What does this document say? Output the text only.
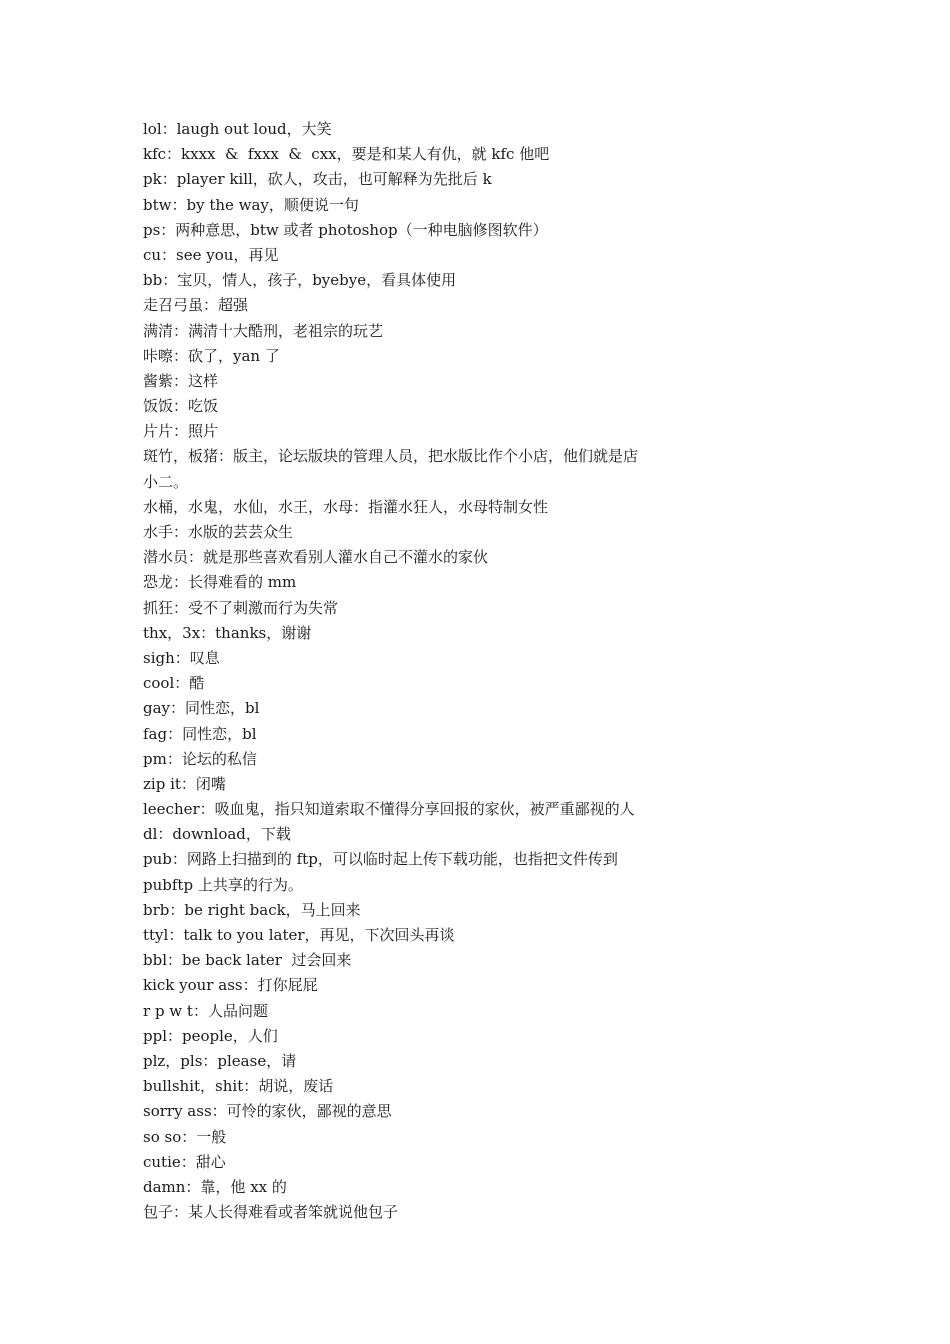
lol：laugh out loud，大笑
kfc：kxxx  &  fxxx  &  cxx，要是和某人有仇，就 kfc 他吧
pk：player kill，砍人，攻击，也可解释为先批后 k
btw：by the way，顺便说一句
ps：两种意思，btw 或者 photoshop（一种电脑修图软件）
cu：see you，再见
bb：宝贝，情人，孩子，byebye，看具体使用
走召弓虽：超强
满清：满清十大酷刑，老祖宗的玩艺
咔嚓：砍了，yan 了
酱紫：这样
饭饭：吃饭
片片：照片
斑竹，板猪：版主，论坛版块的管理人员，把水版比作个小店，他们就是店
小二。
水桶，水鬼，水仙，水王，水母：指灌水狂人，水母特制女性
水手：水版的芸芸众生
潜水员：就是那些喜欢看别人灌水自己不灌水的家伙
恐龙：长得难看的 mm
抓狂：受不了刺激而行为失常
thx，3x：thanks，谢谢
sigh：叹息
cool：酷
gay：同性恋，bl
fag：同性恋，bl
pm：论坛的私信
zip it：闭嘴
leecher：吸血鬼，指只知道索取不懂得分享回报的家伙，被严重鄙视的人
dl：download，下载
pub：网路上扫描到的 ftp，可以临时起上传下载功能，也指把文件传到
pubftp 上共享的行为。
brb：be right back，马上回来
ttyl：talk to you later，再见，下次回头再谈
bbl：be back later  过会回来
kick your ass：打你屁屁
r p w t：人品问题
ppl：people，人们
plz，pls：please，请
bullshit，shit：胡说，废话
sorry ass：可怜的家伙，鄙视的意思
so so：一般
cutie：甜心
damn：靠，他 xx 的
包子：某人长得难看或者笨就说他包子
